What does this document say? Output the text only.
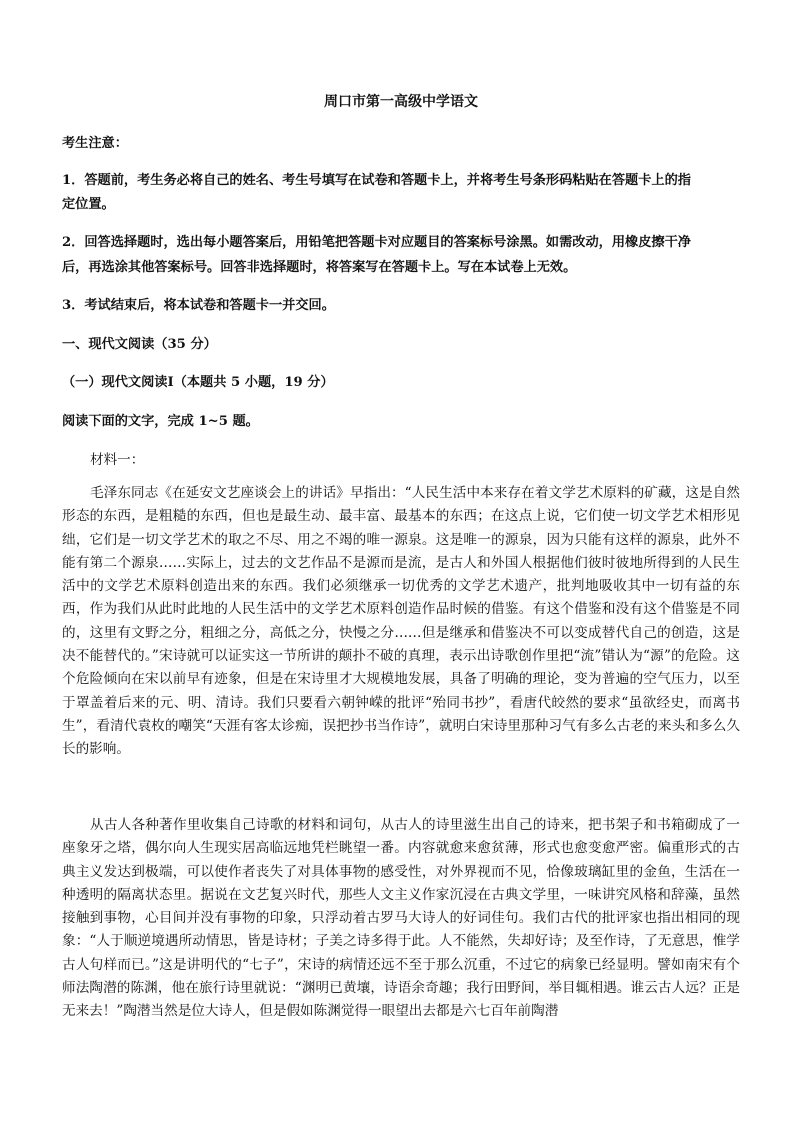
周口市第一高级中学语文
考生注意：
1．答题前，考生务必将自己的姓名、考生号填写在试卷和答题卡上，并将考生号条形码粘贴在答题卡上的指
定位置。
2．回答选择题时，选出每小题答案后，用铅笔把答题卡对应题目的答案标号涂黑。如需改动，用橡皮擦干净
后，再选涂其他答案标号。回答非选择题时，将答案写在答题卡上。写在本试卷上无效。
3．考试结束后，将本试卷和答题卡一并交回。
一、现代文阅读（35 分）
（一）现代文阅读Ⅰ（本题共 5 小题，19 分）
阅读下面的文字，完成 1~5 题。
材料一：

毛泽东同志《在延安文艺座谈会上的讲话》早指出：“人民生活中本来存在着文学艺术原料的矿藏，这是自然形态的东西，是粗糙的东西，但也是最生动、最丰富、最基本的东西；在这点上说，它们使一切文学艺术相形见绌，它们是一切文学艺术的取之不尽、用之不竭的唯一源泉。这是唯一的源泉，因为只能有这样的源泉，此外不能有第二个源泉……实际上，过去的文艺作品不是源而是流，是古人和外国人根据他们彼时彼地所得到的人民生活中的文学艺术原料创造出来的东西。我们必须继承一切优秀的文学艺术遗产，批判地吸收其中一切有益的东西，作为我们从此时此地的人民生活中的文学艺术原料创造作品时候的借鉴。有这个借鉴和没有这个借鉴是不同的，这里有文野之分，粗细之分，高低之分，快慢之分……但是继承和借鉴决不可以变成替代自己的创造，这是决不能替代的。”宋诗就可以证实这一节所讲的颠扑不破的真理，表示出诗歌创作里把“流”错认为“源”的危险。这个危险倾向在宋以前早有迹象，但是在宋诗里才大规模地发展，具备了明确的理论，变为普遍的空气压力，以至于罩盖着后来的元、明、清诗。我们只要看六朝钟嵘的批评“殆同书抄”，看唐代皎然的要求“虽欲经史，而离书生”，看清代袁枚的嘲笑“天涯有客太诊痴，误把抄书当作诗”，就明白宋诗里那种习气有多么古老的来头和多么久长的影响。

从古人各种著作里收集自己诗歌的材料和词句，从古人的诗里滋生出自己的诗来，把书架子和书箱砌成了一座象牙之塔，偶尔向人生现实居高临远地凭栏眺望一番。内容就愈来愈贫薄，形式也愈变愈严密。偏重形式的古典主义发达到极端，可以使作者丧失了对具体事物的感受性，对外界视而不见，恰像玻璃缸里的金鱼，生活在一种透明的隔离状态里。据说在文艺复兴时代，那些人文主义作家沉浸在古典文学里，一味讲究风格和辞藻，虽然接触到事物，心目间并没有事物的印象，只浮动着古罗马大诗人的好词佳句。我们古代的批评家也指出相同的现象：“人于顺逆境遇所动情思，皆是诗材；子美之诗多得于此。人不能然，失却好诗；及至作诗，了无意思，惟学古人句样而已。”这是讲明代的“七子”，宋诗的病情还远不至于那么沉重，不过它的病象已经显明。譬如南宋有个师法陶潜的陈渊，他在旅行诗里就说：“渊明已黄壤，诗语余奇趣；我行田野间，举目辄相遇。谁云古人远？正是无来去！”陶潜当然是位大诗人，但是假如陈渊觉得一眼望出去都是六七百年前陶潜
